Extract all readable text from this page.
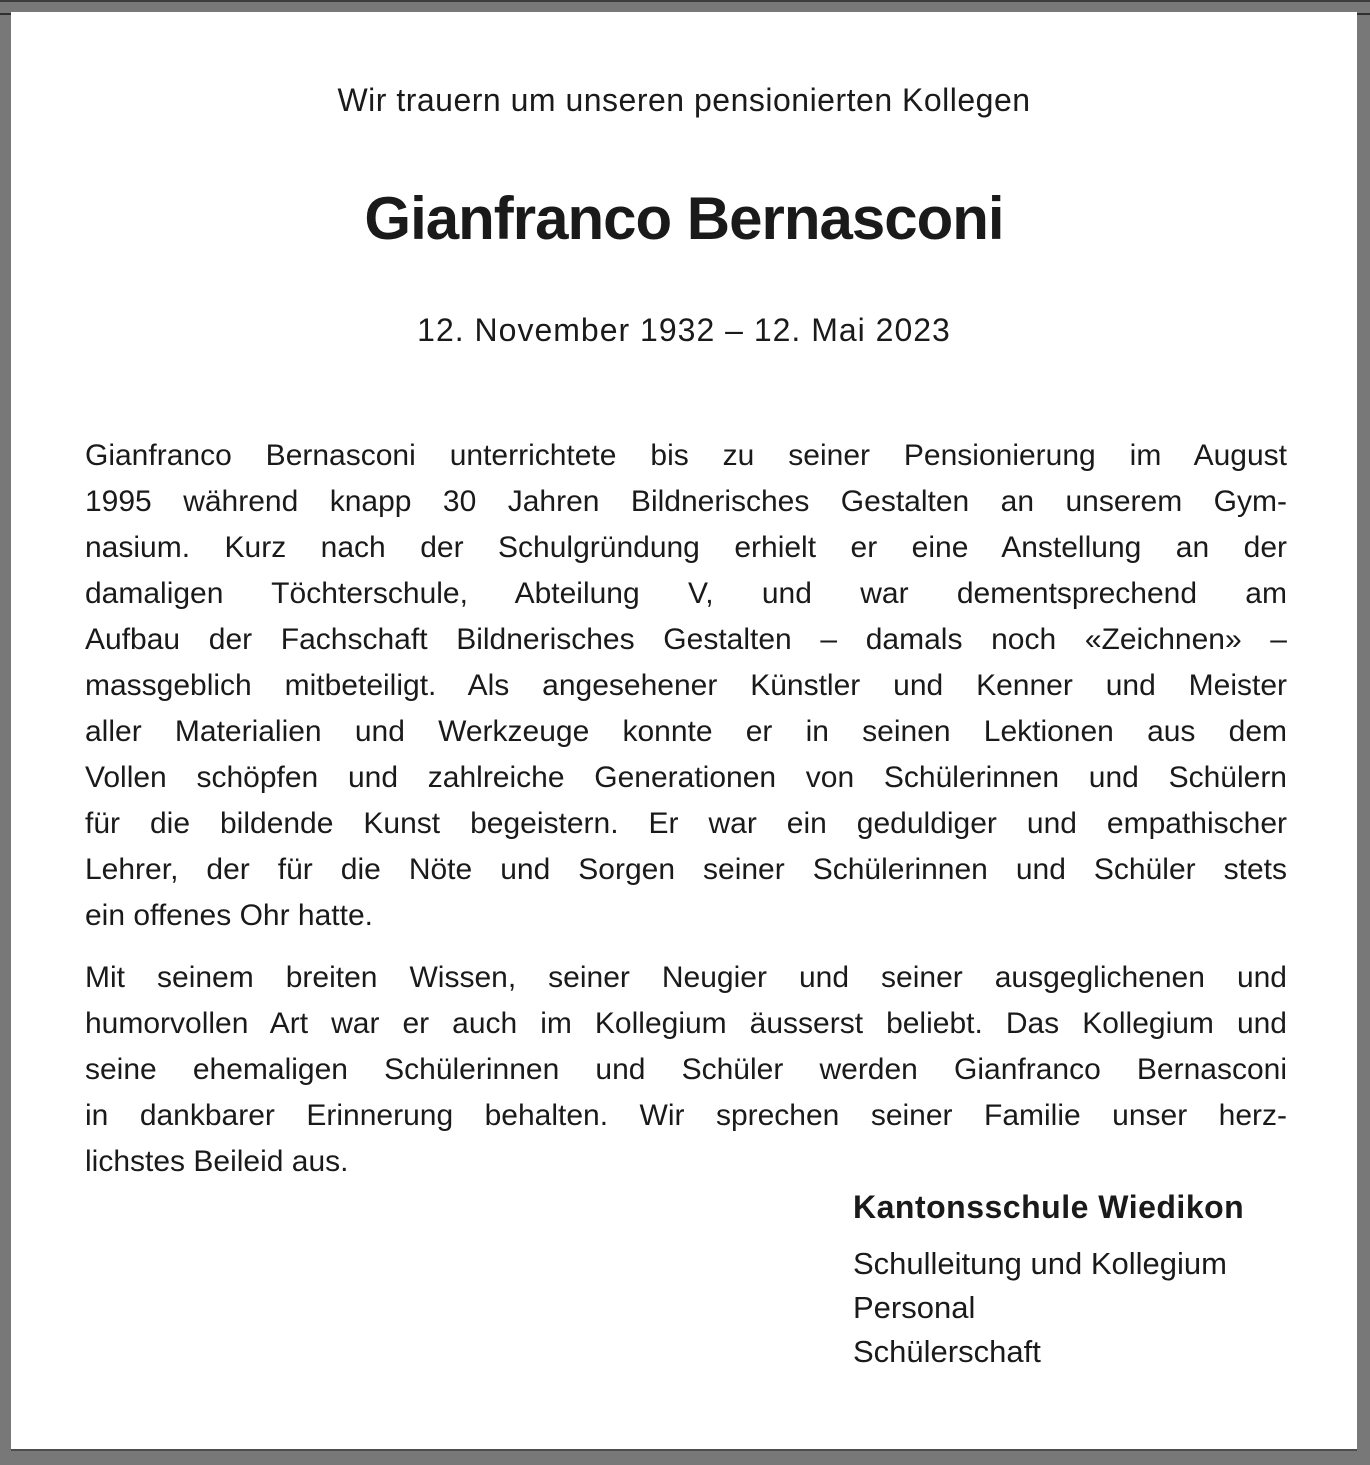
Wir trauern um unseren pensionierten Kollegen
Gianfranco Bernasconi
12. November 1932 – 12. Mai 2023
Gianfranco Bernasconi unterrichtete bis zu seiner Pensionierung im August
1995 während knapp 30 Jahren Bildnerisches Gestalten an unserem Gym-
nasium. Kurz nach der Schulgründung erhielt er eine Anstellung an der
damaligen Töchterschule, Abteilung V, und war dementsprechend am
Aufbau der Fachschaft Bildnerisches Gestalten – damals noch «Zeichnen» –
massgeblich mitbeteiligt. Als angesehener Künstler und Kenner und Meister
aller Materialien und Werkzeuge konnte er in seinen Lektionen aus dem
Vollen schöpfen und zahlreiche Generationen von Schülerinnen und Schülern
für die bildende Kunst begeistern. Er war ein geduldiger und empathischer
Lehrer, der für die Nöte und Sorgen seiner Schülerinnen und Schüler stets
ein offenes Ohr hatte.
Mit seinem breiten Wissen, seiner Neugier und seiner ausgeglichenen und
humorvollen Art war er auch im Kollegium äusserst beliebt. Das Kollegium und
seine ehemaligen Schülerinnen und Schüler werden Gianfranco Bernasconi
in dankbarer Erinnerung behalten. Wir sprechen seiner Familie unser herz-
lichstes Beileid aus.
Kantonsschule Wiedikon
Schulleitung und Kollegium
Personal
Schülerschaft
